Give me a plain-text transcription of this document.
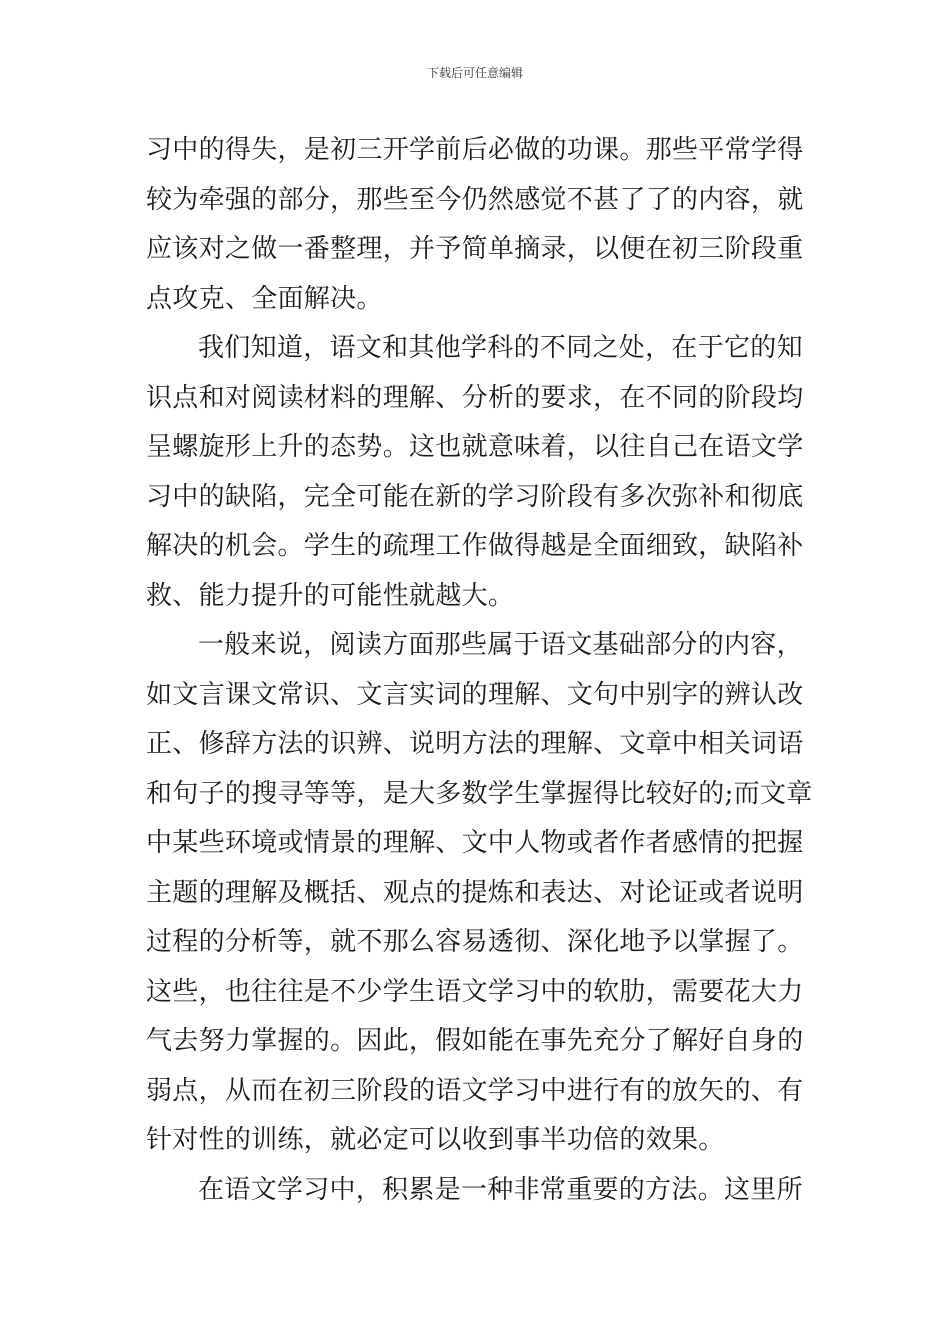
下载后可任意编辑

习中的得失，是初三开学前后必做的功课。那些平常学得
较为牵强的部分，那些至今仍然感觉不甚了了的内容，就
应该对之做一番整理，并予简单摘录，以便在初三阶段重
点攻克、全面解决。

我们知道，语文和其他学科的不同之处，在于它的知
识点和对阅读材料的理解、分析的要求，在不同的阶段均
呈螺旋形上升的态势。这也就意味着，以往自己在语文学
习中的缺陷，完全可能在新的学习阶段有多次弥补和彻底
解决的机会。学生的疏理工作做得越是全面细致，缺陷补
救、能力提升的可能性就越大。

一般来说，阅读方面那些属于语文基础部分的内容，
如文言课文常识、文言实词的理解、文句中别字的辨认改
正、修辞方法的识辨、说明方法的理解、文章中相关词语
和句子的搜寻等等，是大多数学生掌握得比较好的;而文章
中某些环境或情景的理解、文中人物或者作者感情的把握
主题的理解及概括、观点的提炼和表达、对论证或者说明
过程的分析等，就不那么容易透彻、深化地予以掌握了。
这些，也往往是不少学生语文学习中的软肋，需要花大力
气去努力掌握的。因此，假如能在事先充分了解好自身的
弱点，从而在初三阶段的语文学习中进行有的放矢的、有
针对性的训练，就必定可以收到事半功倍的效果。

在语文学习中，积累是一种非常重要的方法。这里所
